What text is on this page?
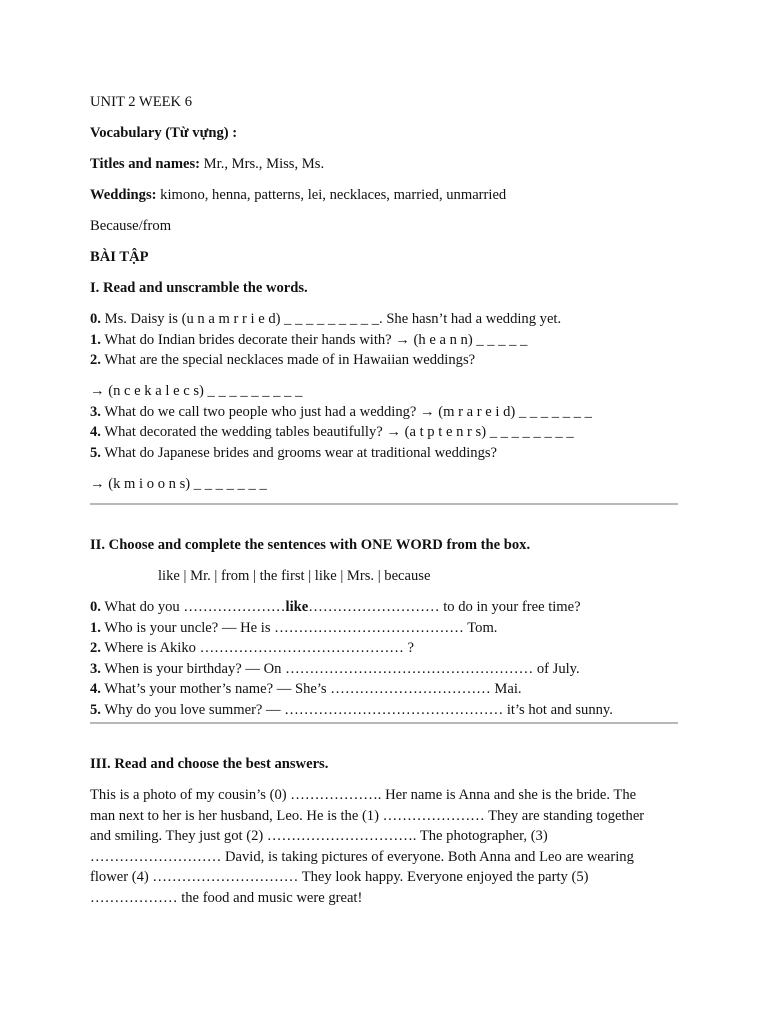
UNIT 2 WEEK 6

Vocabulary (Từ vựng) :

Titles and names: Mr., Mrs., Miss, Ms.

Weddings: kimono, henna, patterns, lei, necklaces, married, unmarried

Because/from

BÀI TẬP

I. Read and unscramble the words.

0. Ms. Daisy is (u n a m r r i e d) _ _ _ _ _ _ _ _ _. She hasn’t had a wedding yet.

1. What do Indian brides decorate their hands with? → (h e a n n) _ _ _ _ _

2. What are the special necklaces made of in Hawaiian weddings?

→ (n c e k a l e c s) _ _ _ _ _ _ _ _ _

3. What do we call two people who just had a wedding? → (m r a r e i d) _ _ _ _ _ _ _

4. What decorated the wedding tables beautifully? → (a t p t e n r s) _ _ _ _ _ _ _ _

5. What do Japanese brides and grooms wear at traditional weddings?

→ (k m i o o n s) _ _ _ _ _ _ _

II. Choose and complete the sentences with ONE WORD from the box.

like | Mr. | from | the first | like | Mrs. | because

0. What do you …………………like……………………… to do in your free time?

1. Who is your uncle? — He is ………………………………… Tom.

2. Where is Akiko …………………………………… ?

3. When is your birthday? — On …………………………………………… of July.

4. What’s your mother’s name? — She’s …………………………… Mai.

5. Why do you love summer? — ……………………………………… it’s hot and sunny.

III. Read and choose the best answers.

This is a photo of my cousin’s (0) ………………. Her name is Anna and she is the bride. The

man next to her is her husband, Leo. He is the (1) ………………… They are standing together

and smiling. They just got (2) …………………………. The photographer, (3)

……………………… David, is taking pictures of everyone. Both Anna and Leo are wearing

flower (4) ………………………… They look happy. Everyone enjoyed the party (5)

……………… the food and music were great!
